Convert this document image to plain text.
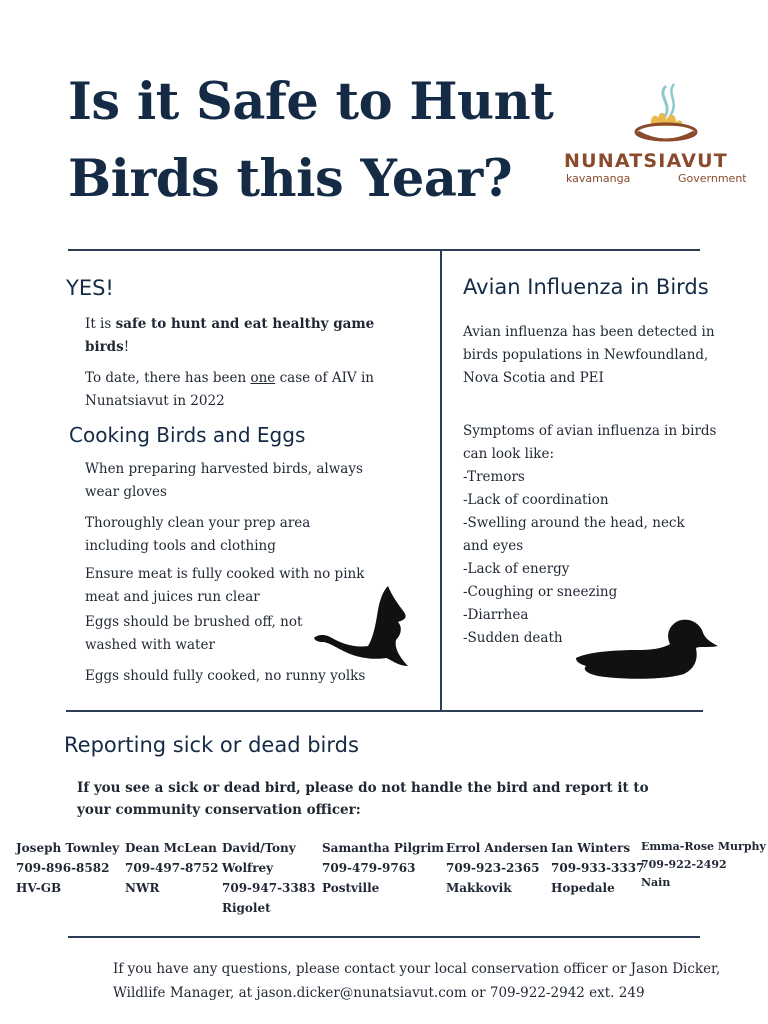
Is it Safe to Hunt
Birds this Year?	NUNATSIAVUT
kavamanga	Government
YES!

It is safe to hunt and eat healthy game birds!

To date, there has been one case of AIV in Nunatsiavut in 2022

Cooking Birds and Eggs

When preparing harvested birds, always wear gloves

Thoroughly clean your prep area including tools and clothing

Ensure meat is fully cooked with no pink meat and juices run clear

Eggs should be brushed off, not washed with water

Eggs should fully cooked, no runny yolks

Avian Influenza in Birds

Avian influenza has been detected in birds populations in Newfoundland, Nova Scotia and PEI

Symptoms of avian influenza in birds can look like:

-Tremors
-Lack of coordination
-Swelling around the head, neck and eyes
-Lack of energy
-Coughing or sneezing
-Diarrhea
-Sudden death
Reporting sick or dead birds

If you see a sick or dead bird, please do not handle the bird and report it to your community conservation officer:

Joseph Townley
709-896-8582
HV-GB
Dean McLean
709-497-8752
NWR
David/Tony
Wolfrey
709-947-3383
Rigolet
Samantha Pilgrim
709-479-9763
Postville
Errol Andersen
709-923-2365
Makkovik
Ian Winters
709-933-3337
Hopedale
Emma-Rose Murphy
709-922-2492
Nain
If you have any questions, please contact your local conservation officer or Jason Dicker,
Wildlife Manager, at jason.dicker@nunatsiavut.com or 709-922-2942 ext. 249
